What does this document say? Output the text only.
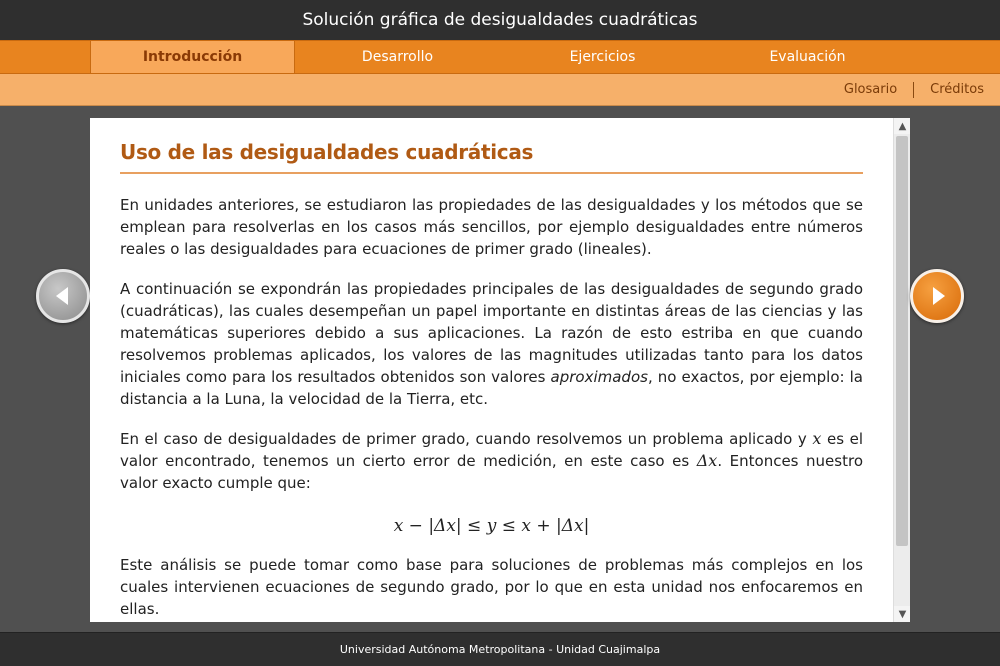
Solución gráfica de desigualdades cuadráticas
Introducción	Desarrollo	Ejercicios	Evaluación
Glosario	Créditos
Uso de las desigualdades cuadráticas

En unidades anteriores, se estudiaron las propiedades de las desigualdades y los métodos que se emplean para resolverlas en los casos más sencillos, por ejemplo desigualdades entre números reales o las desigualdades para ecuaciones de primer grado (lineales).

A continuación se expondrán las propiedades principales de las desigualdades de segundo grado (cuadráticas), las cuales desempeñan un papel importante en distintas áreas de las ciencias y las matemáticas superiores debido a sus aplicaciones. La razón de esto estriba en que cuando resolvemos problemas aplicados, los valores de las magnitudes utilizadas tanto para los datos iniciales como para los resultados obtenidos son valores aproximados, no exactos, por ejemplo: la distancia a la Luna, la velocidad de la Tierra, etc.

En el caso de desigualdades de primer grado, cuando resolvemos un problema aplicado y x es el valor encontrado, tenemos un cierto error de medición, en este caso es Δx. Entonces nuestro valor exacto cumple que:

x − |Δx| ≤ y ≤ x + |Δx|

Este análisis se puede tomar como base para soluciones de problemas más complejos en los cuales intervienen ecuaciones de segundo grado, por lo que en esta unidad nos enfocaremos en ellas.

▲
▼
Universidad Autónoma Metropolitana - Unidad Cuajimalpa
